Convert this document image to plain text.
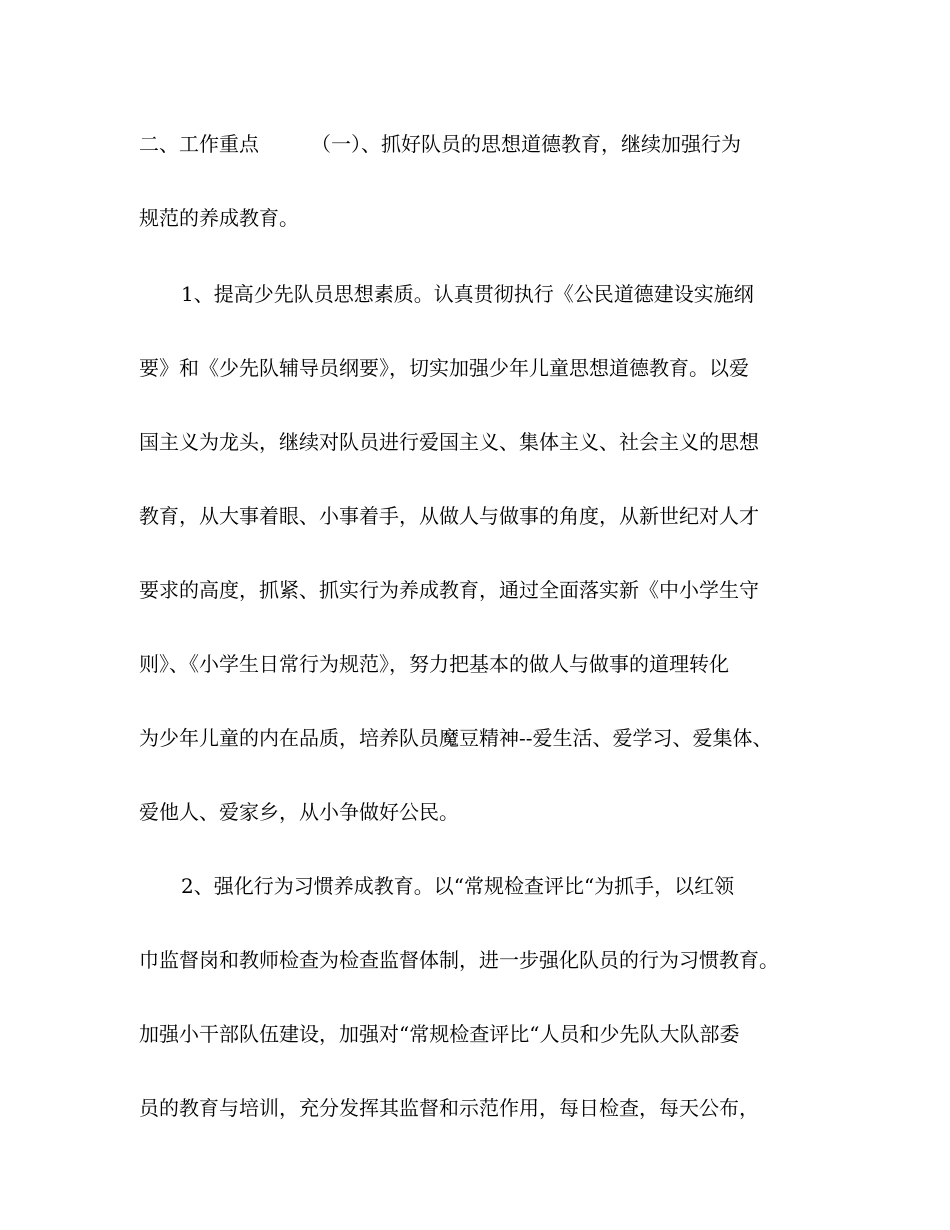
二、工作重点	（一）、抓好队员的思想道德教育，继续加强行为
规范的养成教育。
1、提高少先队员思想素质。认真贯彻执行《公民道德建设实施纲
要》和《少先队辅导员纲要》，切实加强少年儿童思想道德教育。以爱
国主义为龙头，继续对队员进行爱国主义、集体主义、社会主义的思想
教育，从大事着眼、小事着手，从做人与做事的角度，从新世纪对人才
要求的高度，抓紧、抓实行为养成教育，通过全面落实新《中小学生守
则》、《小学生日常行为规范》，努力把基本的做人与做事的道理转化
为少年儿童的内在品质，培养队员魔豆精神--爱生活、爱学习、爱集体、
爱他人、爱家乡，从小争做好公民。
2、强化行为习惯养成教育。以“常规检查评比“为抓手，以红领
巾监督岗和教师检查为检查监督体制，进一步强化队员的行为习惯教育。
加强小干部队伍建设，加强对“常规检查评比“人员和少先队大队部委
员的教育与培训，充分发挥其监督和示范作用，每日检查，每天公布，
